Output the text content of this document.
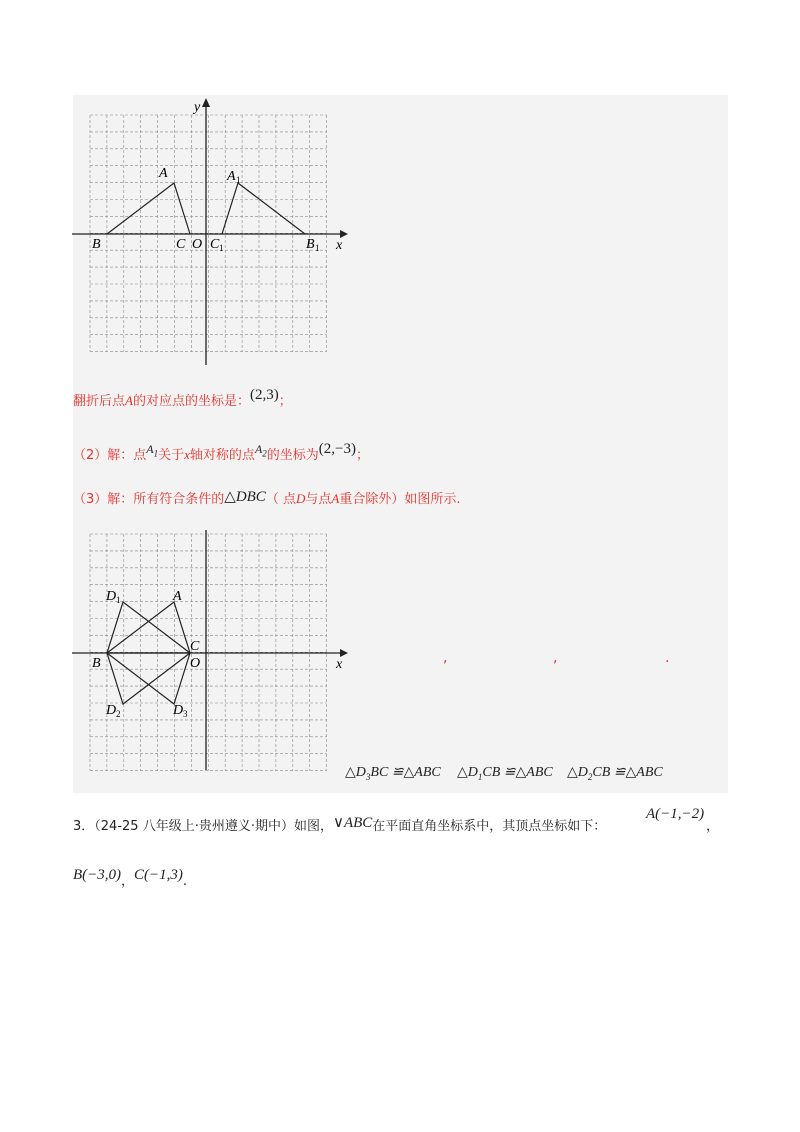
y
x
A	A 1
B	C O C 1	B 1
翻折后点A的对应点的坐标是：(2,3)；
（2）解：点$A_1$关于x轴对称的点$A_2$的坐标为(2,−3)；
（3）解：所有符合条件的△DBC（ 点D与点A重合除外）如图所示.
x
D 1	A
B
C
O
D 2	D 3
,	,	.
$\triangle D_3BC$ ≌△ABC $\triangle D_1CB$ ≌△ABC $\triangle D_2CB$ ≌△ABC
3．（24-25 八年级上·贵州遵义·期中）如图，∨ABC在平面直角坐标系中，其顶点坐标如下：
A(−1,−2)
，
B(−3,0)，C(−1,3).
